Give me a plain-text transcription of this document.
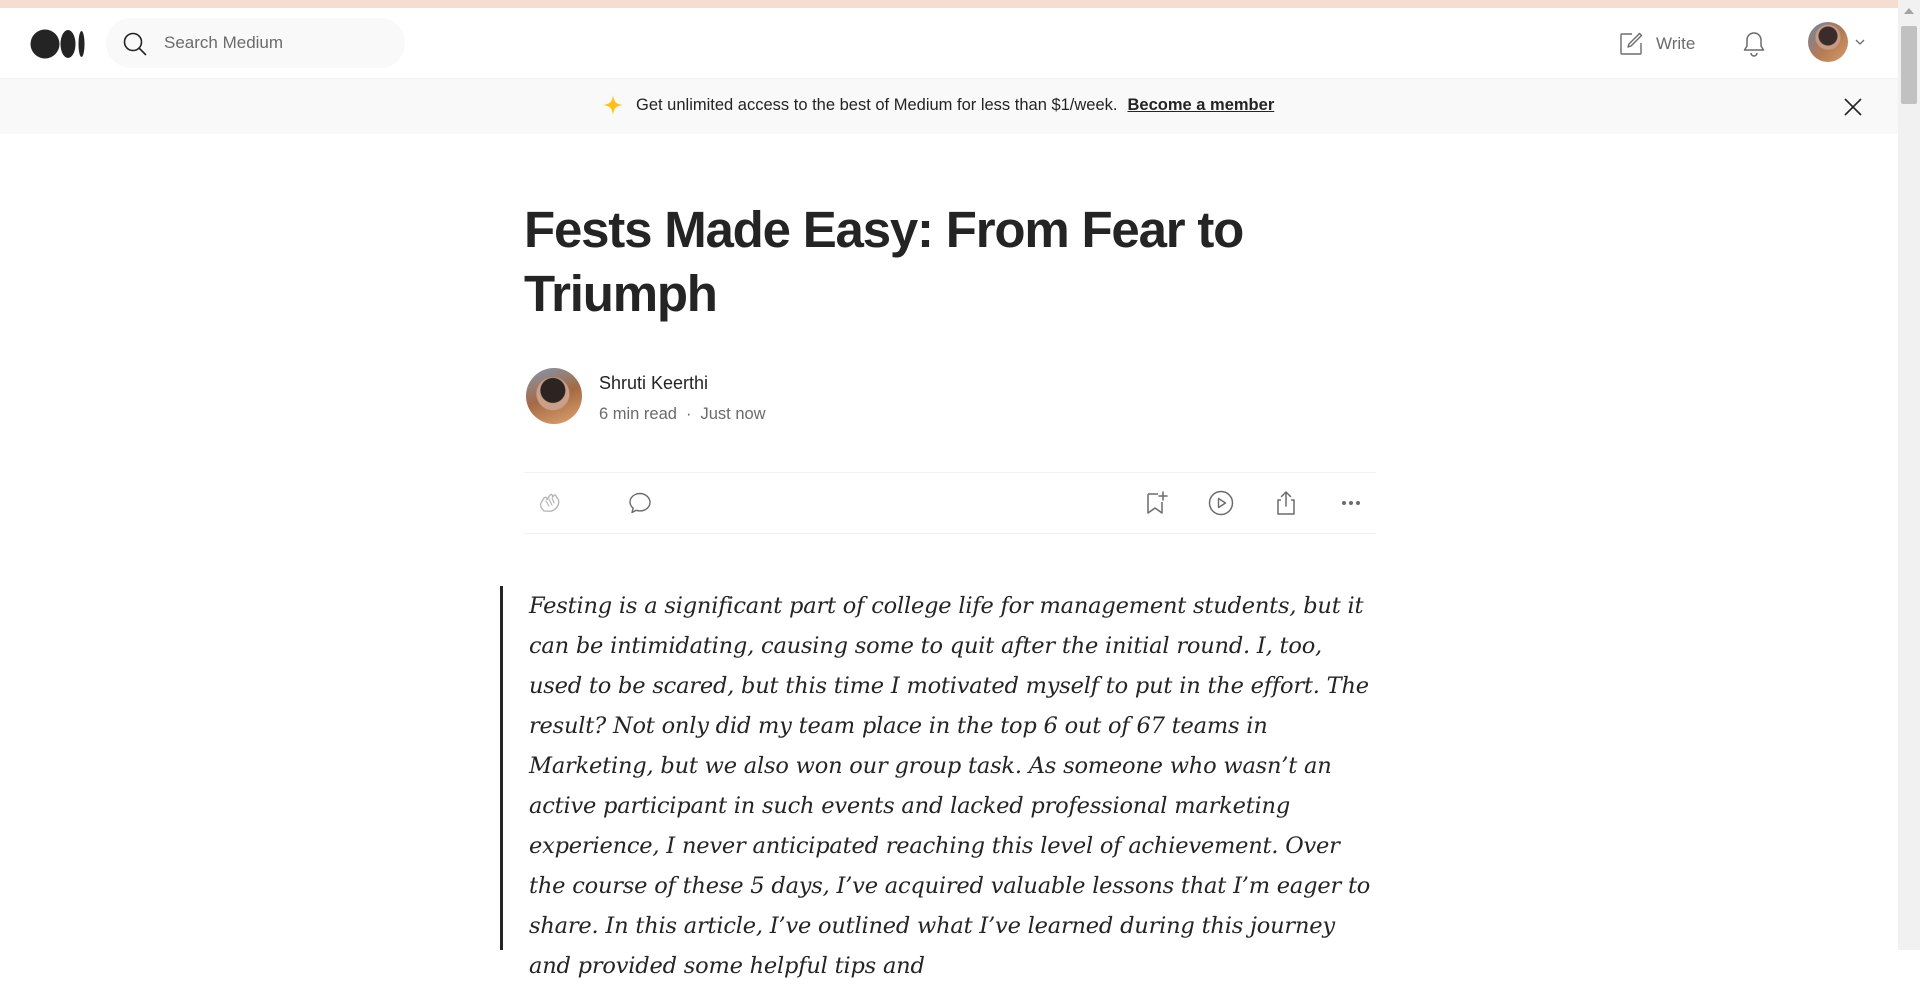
Search Medium
Write
Get unlimited access to the best of Medium for less than $1/week. Become a member
Fests Made Easy: From Fear to Triumph
Shruti Keerthi
6 min read · Just now

Festing is a significant part of college life for management students, but it can be intimidating, causing some to quit after the initial round. I, too, used to be scared, but this time I motivated myself to put in the effort. The result? Not only did my team place in the top 6 out of 67 teams in Marketing, but we also won our group task. As someone who wasn’t an active participant in such events and lacked professional marketing experience, I never anticipated reaching this level of achievement. Over the course of these 5 days, I’ve acquired valuable lessons that I’m eager to share. In this article, I’ve outlined what I’ve learned during this journey and provided some helpful tips and
